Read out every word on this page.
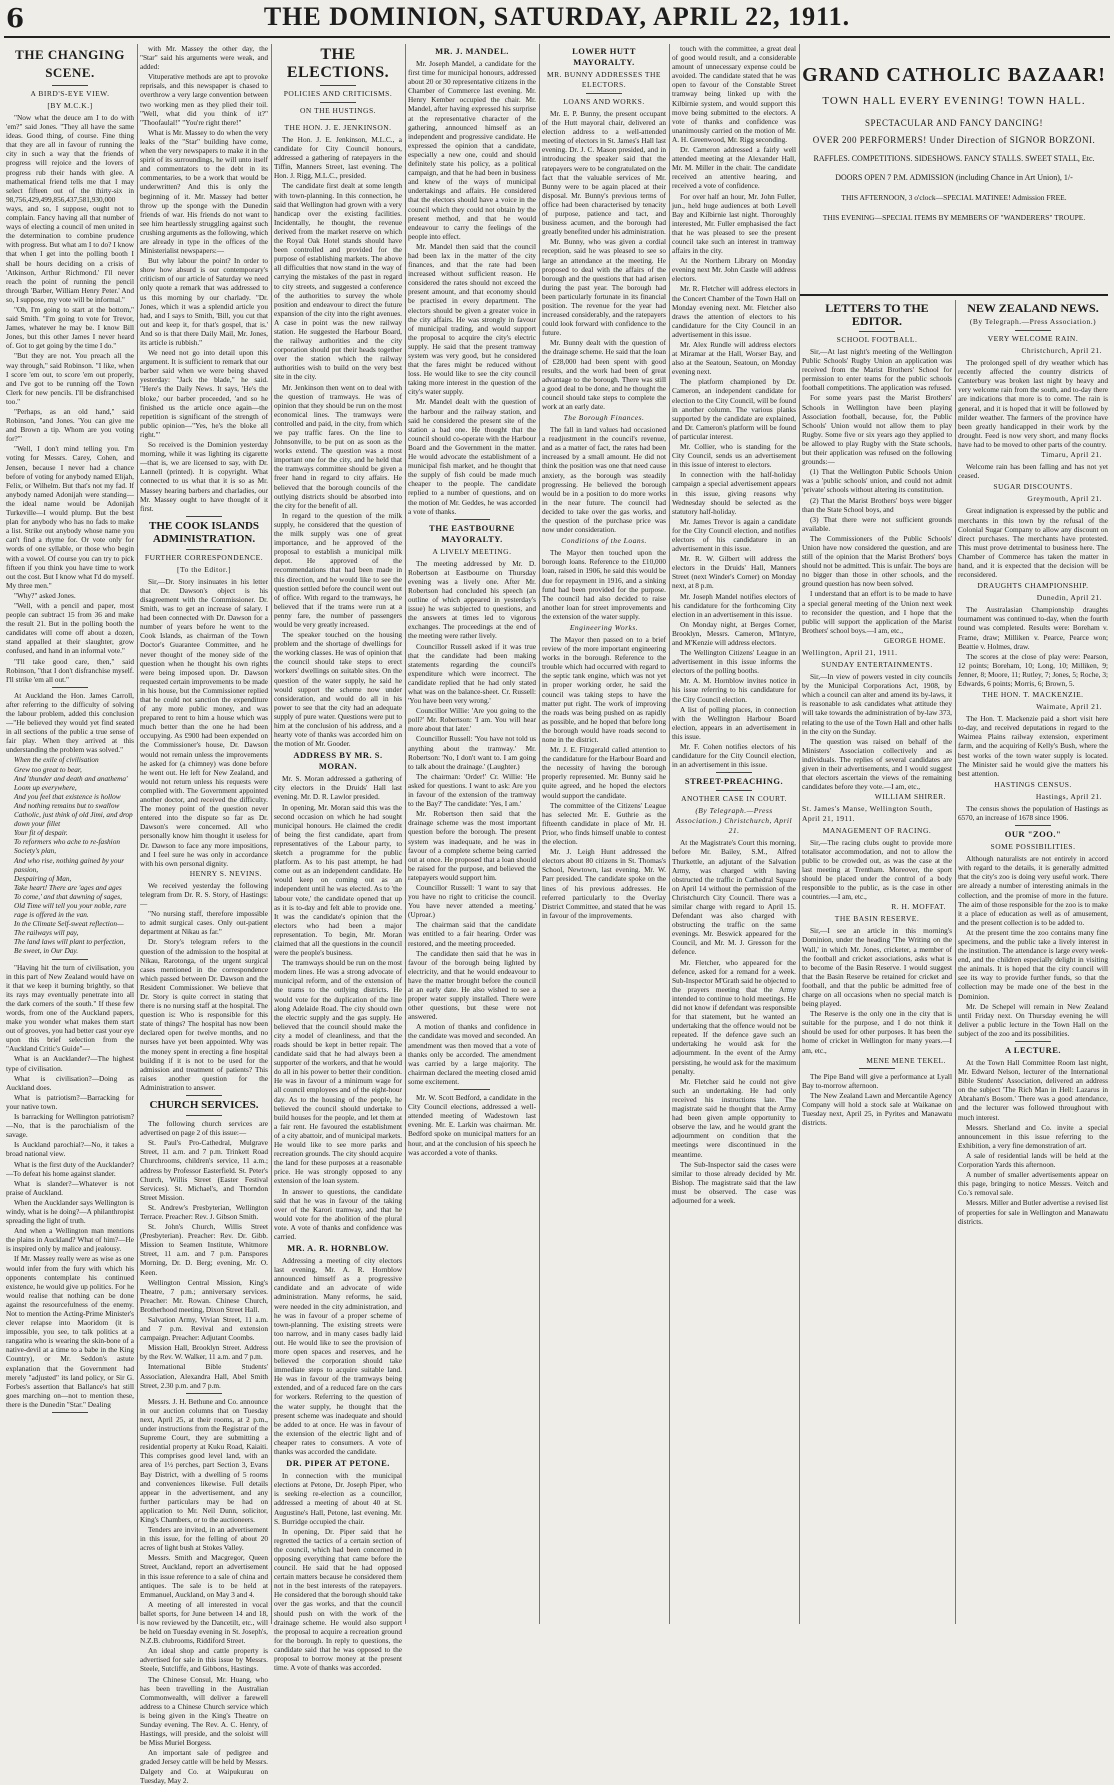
6	THE DOMINION, SATURDAY, APRIL 22, 1911.
THE CHANGING SCENE.
A BIRD'S-EYE VIEW.
[BY M.C.K.]

"Now what the deuce am I to do with 'em?" said Jones. "They all have the same ideas. Good thing, of course. Fine thing that they are all in favour of running the city in such a way that the friends of progress will rejoice and the lovers of progress rub their hands with glee. A mathematical friend tells me that I may select fifteen out of the thirty-six in 98,756,429,499,856,437,581,930,000 ways, and so, I suppose, ought not to complain. Fancy having all that number of ways of electing a council of men united in the determination to combine prudence with progress. But what am I to do? I know that when I get into the polling booth I shall be hours deciding on a crisis of 'Atkinson, Arthur Richmond.' I'll never reach the point of running the pencil through 'Barber, William Henry Peter.' And so, I suppose, my vote will be informal."

"Oh, I'm going to start at the bottom," said Smith. "I'm going to vote for Trevor, James, whatever he may be. I know Bill Jones, but this other James I never heard of. Got to get going by the time I do."

"But they are not. You preach all the way through," said Robinson. "I like, when I score 'em out, to score 'em out properly, and I've got to be running off the Town Clerk for new pencils. I'll be disfranchised too."

"Perhaps, as an old hand," said Robinson, "and Jones. 'You can give me and Brown a tip. Whom are you voting for?'"

"Well, I don't mind telling you. I'm voting for Messrs. Carey, Cohen, and Jensen, because I never had a chance before of voting for anybody named Elijah, Felix, or Wilhelm. But that's not my fad. If anybody named Adonijah were standing—the ideal name would be Adonijah Turkeville—I would plump. But the best plan for anybody who has no fads to make a list. Strike out anybody whose name you can't find a rhyme for. Or vote only for words of one syllable, or those who begin with a vowel. Of course you can try to pick fifteen if you think you have time to work out the cost. But I know what I'd do myself. My three men."

"Why?" asked Jones.

"Well, with a pencil and paper, most people can subtract 15 from 36 and make the result 21. But in the polling booth the candidates will come off about a dozen, stand appalled at their slaughter, grow confused, and hand in an informal vote."

"I'll take good care, then," said Robinson, "that I don't disfranchise myself. I'll strike 'em all out."

At Auckland the Hon. James Carroll, after referring to the difficulty of solving the labour problem, added this conclusion—"He believed they would yet find seated in all sections of the public a true sense of fair play. When they arrived at this understanding the problem was solved."

When the exile of civilisation

Grew too great to bear,

And 'thunder and death and anathema'

Loom up everywhere,

And you feel that existence is hollow

And nothing remains but to swallow

Catholic, just think of old Jimi, and drop

down your fillet

Your fit of despair.

To reformers who ache to re-fashion

Society's plan,

And who rise, nothing gained by your passion,

Despairing of Man,

Take heart! There are 'ages and ages

To come,' and that dawning of sages,

Old Time will tell you your noble, rare

rage is offered in the van.

In the Climate Self-sweat reflection—

The railways will pay,

The land laws will plant to perfection,

Be sweet, in Our Day.

"Having hit the turn of civilisation, you in this part of New Zealand would have on it that we keep it burning brightly, so that its rays may eventually penetrate into all the dark corners of the south." If these few words, from one of the Auckland papers, make you wonder what makes them start out of grooves, you had better cast your eye upon this brief selection from the "Auckland Critic's Guide"—

What is an Aucklander?—The highest type of civilisation.

What is civilisation?—Doing as Auckland does.

What is patriotism?—Barracking for your native town.

Is barracking for Wellington patriotism? —No, that is the parochialism of the savage.

Is Auckland parochial?—No, it takes a broad national view.

What is the first duty of the Aucklander? —To defeat his home against slander.

What is slander?—Whatever is not praise of Auckland.

When the Aucklander says Wellington is windy, what is he doing?—A philanthropist spreading the light of truth.

And when a Wellington man mentions the plains in Auckland? What of him?—He is inspired only by malice and jealousy.

If Mr. Massey really were as wise as one would infer from the fury with which his opponents contemplate his continued existence, he would give up politics. For he would realise that nothing can be done against the resourcefulness of the enemy. Not to mention the Acting-Prime Minister's clever relapse into Maoridom (it is impossible, you see, to talk politics at a rangatira who is wearing the skin-bone of a native-devil at a time to a babe in the King Country), or Mr. Seddon's astute explanation that the Government had merely "adjusted" its land policy, or Sir G. Forbes's assertion that Ballance's hat still goes marching on—not to mention these, there is the Dunedin "Star." Dealing

with Mr. Massey the other day, the "Star" said his arguments were weak, and added:

Vituperative methods are apt to provoke reprisals, and this newspaper is chased to overthrow a very large convention between two working men as they plied their toil. "Well, what did you think of it?" "Thoofaulal!" "You're right there!"

What is Mr. Massey to do when the very leaks of the "Star" building have come, when the very newspapers to make it in the spirit of its surroundings, he will unto itself and commentators to the debt in its commentaries, to be a work that would be underwritten? And this is only the beginning of it. Mr. Massey had better throw up the sponge with the Dunedin friends of war. His friends do not want to see him heartlessly struggling against such crushing arguments as the following, which are already in type in the offices of the Ministerialist newspapers:—

But why labour the point? In order to show how absurd is our contemporary's criticism of our article of Saturday we need only quote a remark that was addressed to us this morning by our charlady. "Dr. Jones, which it was a splendid article you had, and I says to Smith, 'Bill, you cut that out and keep it, for that's gospel, that is.' And so is that there Daily Mail, Mr. Jones, its article is rubbish."

We need not go into detail upon this argument. It is sufficient to remark that our barber said when we were being shaved yesterday: "Jack the blade," he said. "Here's the Daily News. It says, 'He's the bloke,' our barber proceeded, 'and so he finished us the article once again—the repetition is significant of the strength of public opinion—"Yes, he's the bloke all right."'

So received is the Dominion yesterday morning, while it was lighting its cigarette—that is, we are licensed to say, with Dr. Lannell (printed). It is copyright. What connected to us what that it is so as Mr. Massey hearing barbers and charladies, our Mr. Massey ought to have thought of it first.

THE COOK ISLANDS ADMINISTRATION.
FURTHER CORRESPONDENCE.
[To the Editor.]

Sir,—Dr. Story insinuates in his letter that Dr. Dawson's object is his disagreement with the Commissioner. Dr. Smith, was to get an increase of salary. I had been connected with Dr. Dawson for a number of years before he went to the Cook Islands, as chairman of the Town Doctor's Guarantee Committee, and he never thought of the money side of the question when he thought his own rights were being imposed upon. Dr. Dawson requested certain improvements to be made in his house, but the Commissioner replied that he could not sanction the expenditure of any more public money, and was prepared to rent to him a house which was much better than the one he had been occupying. As £900 had been expended on the Commissioner's house, Dr. Dawson would not remain unless the improvements he asked for (a chimney) was done before he went out. He left for New Zealand, and would not return unless his requests were complied with. The Government appointed another doctor, and received the difficulty. The money point of the question never entered into the dispute so far as Dr. Dawson's were concerned. All who personally know him thought it useless for Dr. Dawson to face any more impositions, and I feel sure he was only in accordance with his own personal dignity.

HENRY S. NEVINS.

We received yesterday the following telegram from Dr. R. S. Story, of Hastings:—

"No nursing staff, therefore impossible to admit surgical cases. Only out-patient department at Nikau as far."

Dr. Story's telegram refers to the question of the admission to the hospital at Nikau, Rarotonga, of the urgent surgical cases mentioned in the correspondence which passed between Dr. Dawson and the Resident Commissioner. We believe that Dr. Story is quite correct in stating that there is no nursing staff at the hospital. The question is: Who is responsible for this state of things? The hospital has now been declared open for twelve months, and no nurses have yet been appointed. Why was the money spent in erecting a fine hospital building if it is not to be used for the admission and treatment of patients? This raises another question for the Administration to answer.

CHURCH SERVICES.

The following church services are advertised on page 2 of this issue:—

St. Paul's Pro-Cathedral, Mulgrave Street, 11 a.m. and 7 p.m. Trinkett Road Churchrooms, children's service, 11 a.m.; address by Professor Easterfield. St. Peter's Church, Willis Street (Easter Festival Services). St. Michael's, and Thorndon Street Mission.

St. Andrew's Presbyterian, Wellington Terrace. Preacher: Rev. J. Gibson Smith.

St. John's Church, Willis Street (Presbyterian). Preacher: Rev. Dr. Gibb. Mission to Seamen Institute, Whitmore Street, 11 a.m. and 7 p.m. Panspores Morning, Dr. D. Berg; evening, Mr. O. Keen.

Wellington Central Mission, King's Theatre, 7 p.m.; anniversary services. Preacher: Mr. Rowan. Chinese Church, Brotherhood meeting, Dixon Street Hall.

Salvation Army, Vivian Street, 11 a.m. and 7 p.m. Revival and extension campaign. Preacher: Adjutant Coombs.

Mission Hall, Brooklyn Street. Address by the Rev. W. Walker, 11 a.m. and 7 p.m.

International Bible Students' Association, Alexandra Hall, Abel Smith Street, 2.30 p.m. and 7 p.m.

Messrs. J. H. Bethune and Co. announce in our auction columns that on Tuesday next, April 25, at their rooms, at 2 p.m., under instructions from the Registrar of the Supreme Court, they are submitting a residential property at Kuku Road, Kaiaiti. This comprises good level land, with an area of 1½ perches, part Section 3, Evans Bay District, with a dwelling of 5 rooms and conveniences likewise. Full details appear in the advertisement, and any further particulars may be had on application to Mr. Neil Dunn, solicitor, King's Chambers, or to the auctioneers.

Tenders are invited, in an advertisement in this issue, for the felling of about 20 acres of light bush at Stokes Valley.

Messrs. Smith and Macgregor, Queen Street, Auckland, report an advertisement in this issue reference to a sale of china and antiques. The sale is to be held at Emmanuel, Auckland, on May 3 and 4.

A meeting of all interested in vocal ballet sports, for June between 14 and 18, is now reviewed by the Dancetilt, etc., will be held on Tuesday evening in St. Joseph's, N.Z.B. clubrooms, Riddiford Street.

An ideal shop and cattle property is advertised for sale in this issue by Messrs. Steele, Sutcliffe, and Gibbons, Hastings.

The Chinese Consul, Mr. Huang, who has been travelling in the Australian Commonwealth, will deliver a farewell address to a Chinese Church service which is being given in the King's Theatre on Sunday evening. The Rev. A. C. Henry, of Hastings, will preside, and the soloist will be Miss Muriel Borgess.

An important sale of pedigree and graded Jersey cattle will be held by Messrs. Dalgety and Co. at Waipukurau on Tuesday, May 2.

THE ELECTIONS.
POLICIES AND CRITICISMS.
ON THE HUSTINGS.
THE HON. J. E. JENKINSON.

The Hon. J. E. Jenkinson, M.L.C., a candidate for City Council honours, addressed a gathering of ratepayers in the Tiffin, Manners Street, last evening. The Hon. J. Rigg, M.L.C., presided.

The candidate first dealt at some length with town-planning. In this connection, he said that Wellington had grown with a very handicap over the existing facilities. Incidentally, he thought, the revenue derived from the market reserve on which the Royal Oak Hotel stands should have been controlled and provided for the purpose of establishing markets. The above all difficulties that now stand in the way of carrying the mistakes of the past in regard to city streets, and suggested a conference of the authorities to survey the whole position and endeavour to direct the future expansion of the city into the right avenues. A case in point was the new railway station. He suggested the Harbour Board, the railway authorities and the city corporation should put their heads together over the station which the railway authorities wish to build on the very best site in the city.

Mr. Jenkinson then went on to deal with the question of tramways. He was of opinion that they should be run on the most economical lines. The tramways were controlled and paid, in the city, from which we pay traffic fares. On the line to Johnsonville, to be put on as soon as the works extend. The question was a most important one for the city, and he held that the tramways committee should be given a freer hand in regard to city affairs. He believed that the borough councils of the outlying districts should be absorbed into the city for the benefit of all.

In regard to the question of the milk supply, he considered that the question of the milk supply was one of great importance, and he approved of the proposal to establish a municipal milk depot. He approved of the recommendations that had been made in this direction, and he would like to see the question settled before the council went out of office. With regard to the tramways, he believed that if the trams were run at a penny fare, the number of passengers would be very greatly increased.

The speaker touched on the housing problem and the shortage of dwellings for the working classes. He was of opinion that the council should take steps to erect workers' dwellings on suitable sites. On the question of the water supply, he said he would support the scheme now under consideration, and would do all in his power to see that the city had an adequate supply of pure water. Questions were put to him at the conclusion of his address, and a hearty vote of thanks was accorded him on the motion of Mr. Gooder.

ADDRESS BY MR. S. MORAN.

Mr. S. Moran addressed a gathering of city electors in the Druids' Hall last evening. Mr. D. R. Lawlor presided.

In opening, Mr. Moran said this was the second occasion on which he had sought municipal honours. He claimed the credit of being the first candidate, apart from representatives of the Labour party, to sketch a programme for the public platform. As to his past attempt, he had come out as an independent candidate. He would keep on coming out as an independent until he was elected. As to 'the labour vote,' the candidate opened that up as it is to-day and felt able to provide one. It was the candidate's opinion that the electors who had been a major representation. To begin, Mr. Moran claimed that all the questions in the council were the people's business.

The tramways should be run on the most modern lines. He was a strong advocate of municipal reform, and of the extension of the trams to the outlying districts. He would vote for the duplication of the line along Adelaide Road. The city should own the electric supply and the gas supply. He believed that the council should make the city a model of cleanliness, and that the roads should be kept in better repair. The candidate said that he had always been a supporter of the workers, and that he would do all in his power to better their condition. He was in favour of a minimum wage for all council employees and of the eight-hour day. As to the housing of the people, he believed the council should undertake to build houses for the people, and let them at a fair rent. He favoured the establishment of a city abattoir, and of municipal markets. He would like to see more parks and recreation grounds. The city should acquire the land for these purposes at a reasonable price. He was strongly opposed to any extension of the loan system.

In answer to questions, the candidate said that he was in favour of the taking over of the Karori tramway, and that he would vote for the abolition of the plural vote. A vote of thanks and confidence was carried.

MR. A. R. HORNBLOW.

Addressing a meeting of city electors last evening, Mr. A. R. Hornblow announced himself as a progressive candidate and an advocate of wide administration. Many reforms, he said, were needed in the city administration, and he was in favour of a proper scheme of town-planning. The existing streets were too narrow, and in many cases badly laid out. He would like to see the provision of more open spaces and reserves, and he believed the corporation should take immediate steps to acquire suitable land. He was in favour of the tramways being extended, and of a reduced fare on the cars for workers. Referring to the question of the water supply, he thought that the present scheme was inadequate and should be added to at once. He was in favour of the extension of the electric light and of cheaper rates to consumers. A vote of thanks was accorded the candidate.

DR. PIPER AT PETONE.

In connection with the municipal elections at Petone, Dr. Joseph Piper, who is seeking re-election as a councillor, addressed a meeting of about 40 at St. Augustine's Hall, Petone, last evening. Mr. S. Burridge occupied the chair.

In opening, Dr. Piper said that he regretted the tactics of a certain section of the council, which had been concerned in opposing everything that came before the council. He said that he had opposed certain matters because he considered them not in the best interests of the ratepayers. He considered that the borough should take over the gas works, and that the council should push on with the work of the drainage scheme. He would also support the proposal to acquire a recreation ground for the borough. In reply to questions, the candidate said that he was opposed to the proposal to borrow money at the present time. A vote of thanks was accorded.

MR. J. MANDEL.

Mr. Joseph Mandel, a candidate for the first time for municipal honours, addressed about 20 or 30 representative citizens in the Chamber of Commerce last evening. Mr. Henry Kember occupied the chair. Mr. Mandel, after having expressed his surprise at the representative character of the gathering, announced himself as an independent and progressive candidate. He expressed the opinion that a candidate, especially a new one, could and should definitely state his policy, as a political campaign, and that he had been in business and knew of the ways of municipal undertakings and affairs. He considered that the electors should have a voice in the council which they could not obtain by the present method, and that he would endeavour to carry the feelings of the people into effect.

Mr. Mandel then said that the council had been lax in the matter of the city finances, and that the rate had been increased without sufficient reason. He considered the rates should not exceed the present amount, and that economy should be practised in every department. The electors should be given a greater voice in the city affairs. He was strongly in favour of municipal trading, and would support the proposal to acquire the city's electric supply. He said that the present tramway system was very good, but he considered that the fares might be reduced without loss. He would like to see the city council taking more interest in the question of the city's water supply.

Mr. Mandel dealt with the question of the harbour and the railway station, and said he considered the present site of the station a bad one. He thought that the council should co-operate with the Harbour Board and the Government in the matter. He would advocate the establishment of a municipal fish market, and he thought that the supply of fish could be made much cheaper to the people. The candidate replied to a number of questions, and on the motion of Mr. Geddes, he was accorded a vote of thanks.

THE EASTBOURNE MAYORALTY.
A LIVELY MEETING.

The meeting addressed by Mr. D. Robertson at Eastbourne on Thursday evening was a lively one. After Mr. Robertson had concluded his speech (an outline of which appeared in yesterday's issue) he was subjected to questions, and the answers at times led to vigorous exchanges. The proceedings at the end of the meeting were rather lively.

Councillor Russell asked if it was true that the candidate had been making statements regarding the council's expenditure which were incorrect. The candidate replied that he had only stated what was on the balance-sheet. Cr. Russell: 'You have been very wrong.'

Councillor Willie: 'Are you going to the poll?' Mr. Robertson: 'I am. You will hear more about that later.'

Councillor Russell: 'You have not told us anything about the tramway.' Mr. Robertson: 'No, I don't want to. I am going to talk about the drainage.' (Laughter.)

The chairman: 'Order!' Cr. Willie: 'He asked for questions. I want to ask: Are you in favour of the extension of the tramway to the Bay?' The candidate: 'Yes, I am.'

Mr. Robertson then said that the drainage scheme was the most important question before the borough. The present system was inadequate, and he was in favour of a complete scheme being carried out at once. He proposed that a loan should be raised for the purpose, and believed the ratepayers would support him.

Councillor Russell: 'I want to say that you have no right to criticise the council. You have never attended a meeting.' (Uproar.)

The chairman said that the candidate was entitled to a fair hearing. Order was restored, and the meeting proceeded.

The candidate then said that he was in favour of the borough being lighted by electricity, and that he would endeavour to have the matter brought before the council at an early date. He also wished to see a proper water supply installed. There were other questions, but these were not answered.

A motion of thanks and confidence in the candidate was moved and seconded. An amendment was then moved that a vote of thanks only be accorded. The amendment was carried by a large majority. The chairman declared the meeting closed amid some excitement.

Mr. W. Scott Bedford, a candidate in the City Council elections, addressed a well-attended meeting of Wadestown last evening. Mr. E. Larkin was chairman. Mr. Bedford spoke on municipal matters for an hour, and at the conclusion of his speech he was accorded a vote of thanks.

LOWER HUTT MAYORALTY.
MR. BUNNY ADDRESSES THE ELECTORS.
LOANS AND WORKS.

Mr. E. P. Bunny, the present occupant of the Hutt mayoral chair, delivered an election address to a well-attended meeting of electors in St. James's Hall last evening. Dr. J. C. Mason presided, and in introducing the speaker said that the ratepayers were to be congratulated on the fact that the valuable services of Mr. Bunny were to be again placed at their disposal. Mr. Bunny's previous terms of office had been characterised by tenacity of purpose, patience and tact, and business acumen, and the borough had greatly benefited under his administration.

Mr. Bunny, who was given a cordial reception, said he was pleased to see so large an attendance at the meeting. He proposed to deal with the affairs of the borough and the questions that had arisen during the past year. The borough had been particularly fortunate in its financial position. The revenue for the year had increased considerably, and the ratepayers could look forward with confidence to the future.

Mr. Bunny dealt with the question of the drainage scheme. He said that the loan of £28,000 had been spent with good results, and the work had been of great advantage to the borough. There was still a good deal to be done, and he thought the council should take steps to complete the work at an early date.

The Borough Finances.

The fall in land values had occasioned a readjustment in the council's revenue, and as a matter of fact, the rates had been increased by a small amount. He did not think the position was one that need cause anxiety, as the borough was steadily progressing. He believed the borough would be in a position to do more works in the near future. The council had decided to take over the gas works, and the question of the purchase price was now under consideration.

Conditions of the Loans.

The Mayor then touched upon the borough loans. Reference to the £10,000 loan, raised in 1906, he said this would be due for repayment in 1916, and a sinking fund had been provided for the purpose. The council had also decided to raise another loan for street improvements and the extension of the water supply.

Engineering Works.

The Mayor then passed on to a brief review of the more important engineering works in the borough. Reference to the trouble which had occurred with regard to the septic tank engine, which was not yet in proper working order, he said the council was taking steps to have the matter put right. The work of improving the roads was being pushed on as rapidly as possible, and he hoped that before long the borough would have roads second to none in the district.

Mr. J. E. Fitzgerald called attention to the candidature for the Harbour Board and the necessity of having the borough properly represented. Mr. Bunny said he quite agreed, and he hoped the electors would support the candidate.

The committee of the Citizens' League has selected Mr. E. Guthrie as the fifteenth candidate in place of Mr. H. Prior, who finds himself unable to contest the election.

Mr. J. Leigh Hunt addressed the electors about 80 citizens in St. Thomas's School, Newtown, last evening. Mr. W. Parr presided. The candidate spoke on the lines of his previous addresses. He referred particularly to the Overlay District Committee, and stated that he was in favour of the improvements.

touch with the committee, a great deal of good would result, and a considerable amount of unnecessary expense could be avoided. The candidate stated that he was open to favour of the Constable Street tramway being linked up with the Kilbirnie system, and would support this move being submitted to the electors. A vote of thanks and confidence was unanimously carried on the motion of Mr. A. H. Greenwood, Mr. Rigg seconding.

Dr. Cameron addressed a fairly well attended meeting at the Alexander Hall, Mr. M. Miller in the chair. The candidate received an attentive hearing, and received a vote of confidence.

For over half an hour, Mr. John Fuller, jun., held huge audiences at both Levell Bay and Kilbirnie last night. Thoroughly interested, Mr. Fuller emphasised the fact that he was pleased to see the present council take such an interest in tramway affairs in the city.

At the Northern Library on Monday evening next Mr. John Castle will address electors.

Mr. R. Fletcher will address electors in the Concert Chamber of the Town Hall on Monday evening next. Mr. Fletcher also draws the attention of electors to his candidature for the City Council in an advertisement in this issue.

Mr. Alex Rundle will address electors at Miramar at the Hall, Worser Bay, and also at the Seatoun, Seatoun, on Monday evening next.

The platform championed by Dr. Cameron, an independent candidate for election to the City Council, will be found in another column. The various planks supported by the candidate are explained, and Dr. Cameron's platform will be found of particular interest.

Mr. Collier, who is standing for the City Council, sends us an advertisement in this issue of interest to electors.

In connection with the half-holiday campaign a special advertisement appears in this issue, giving reasons why Wednesday should be selected as the statutory half-holiday.

Mr. James Trevor is again a candidate for the City Council election, and notifies electors of his candidature in an advertisement in this issue.

Mr. R. W. Gilbert will address the electors in the Druids' Hall, Manners Street (next Winder's Corner) on Monday next, at 8 p.m.

Mr. Joseph Mandel notifies electors of his candidature for the forthcoming City election in an advertisement in this issue.

On Monday night, at Berges Corner, Brooklyn, Messrs. Cameron, M'Intyre, and M'Kenzie will address electors.

The Wellington Citizens' League in an advertisement in this issue informs the electors of the polling booths.

Mr. A. M. Hornblow invites notice in his issue referring to his candidature for the City Council election.

A list of polling places, in connection with the Wellington Harbour Board election, appears in an advertisement in this issue.

Mr. F. Cohen notifies electors of his candidature for the City Council election, in an advertisement in this issue.

STREET-PREACHING.
ANOTHER CASE IN COURT.
(By Telegraph.—Press Association.) Christchurch, April 21.

At the Magistrate's Court this morning, before Mr. Bailey, S.M., Alfred Thurkettle, an adjutant of the Salvation Army, was charged with having obstructed the traffic in Cathedral Square on April 14 without the permission of the Christchurch City Council. There was a similar charge with regard to April 15. Defendant was also charged with obstructing the traffic on the same evenings. Mr. Beswick appeared for the Council, and Mr. M. J. Gresson for the defence.

Mr. Fletcher, who appeared for the defence, asked for a remand for a week. Sub-Inspector M'Grath said he objected to the prayers meeting that the Army intended to continue to hold meetings. He did not know if defendant was responsible for that statement, but he wanted an undertaking that the offence would not be repeated. If the defence gave such an undertaking he would ask for the adjournment. In the event of the Army persisting, he would ask for the maximum penalty.

Mr. Fletcher said he could not give such an undertaking. He had only received his instructions late. The magistrate said he thought that the Army had been given ample opportunity to observe the law, and he would grant the adjournment on condition that the meetings were discontinued in the meantime.

The Sub-Inspector said the cases were similar to those already decided by Mr. Bishop. The magistrate said that the law must be observed. The case was adjourned for a week.

GRAND CATHOLIC BAZAAR!
TOWN HALL EVERY EVENING! TOWN HALL.
SPECTACULAR AND FANCY DANCING!
OVER 200 PERFORMERS! Under Direction of SIGNOR BORZONI.
RAFFLES. COMPETITIONS. SIDESHOWS. FANCY STALLS. SWEET STALL, Etc.
DOORS OPEN 7 P.M. ADMISSION (including Chance in Art Union), 1/-
THIS AFTERNOON, 3 o'clock—SPECIAL MATINEE! Admission FREE.
THIS EVENING—SPECIAL ITEMS BY MEMBERS OF "WANDERERS" TROUPE.
LETTERS TO THE EDITOR.
SCHOOL FOOTBALL.

Sir,—At last night's meeting of the Wellington Public Schools' Rugby Union an application was received from the Marist Brothers' School for permission to enter teams for the public schools football competitions. The application was refused.

For some years past the Marist Brothers' Schools in Wellington have been playing Association football, because, for, the Public Schools' Union would not allow them to play Rugby. Some five or six years ago they applied to be allowed to play Rugby with the State schools, but their application was refused on the following grounds:—

(1) That the Wellington Public Schools Union was a 'public schools' union, and could not admit 'private' schools without altering its constitution.

(2) That the Marist Brothers' boys were bigger than the State School boys, and

(3) That there were not sufficient grounds available.

The Commissioners of the Public Schools' Union have now considered the question, and are still of the opinion that the Marist Brothers' boys should not be admitted. This is unfair. The boys are no bigger than those in other schools, and the ground question has now been solved.

I understand that an effort is to be made to have a special general meeting of the Union next week to reconsider the question, and I hope that the public will support the application of the Marist Brothers' school boys.—I am, etc.,

GEORGE HOME.
Wellington, April 21, 1911.
SUNDAY ENTERTAINMENTS.

Sir,—In view of powers vested in city councils by the Municipal Corporations Act, 1908, by which a council can alter and amend its by-laws, it is reasonable to ask candidates what attitude they will take towards the administration of by-law 373, relating to the use of the Town Hall and other halls in the city on the Sunday.

The question was raised on behalf of the Ministers' Association collectively and as individuals. The replies of several candidates are given in their advertisements, and I would suggest that electors ascertain the views of the remaining candidates before they vote.—I am, etc.,

WILLIAM SHIRER.
St. James's Manse, Wellington South, April 21, 1911.
MANAGEMENT OF RACING.

Sir,—The racing clubs ought to provide more totalisator accommodation, and not to allow the public to be crowded out, as was the case at the last meeting at Trentham. Moreover, the sport should be placed under the control of a body responsible to the public, as is the case in other countries.—I am, etc.,

R. H. MOFFAT.
THE BASIN RESERVE.

Sir,—I see an article in this morning's Dominion, under the heading 'The Writing on the Wall,' in which Mr. Jones, cricketer, a member of the football and cricket associations, asks what is to become of the Basin Reserve. I would suggest that the Basin Reserve be retained for cricket and football, and that the public be admitted free of charge on all occasions when no special match is being played.

The Reserve is the only one in the city that is suitable for the purpose, and I do not think it should be used for other purposes. It has been the home of cricket in Wellington for many years.—I am, etc.,

MENE MENE TEKEL.

The Pipe Band will give a performance at Lyall Bay to-morrow afternoon.

The New Zealand Lawn and Mercantile Agency Company will hold a stock sale at Waikanae on Tuesday next, April 25, in Pyrites and Manawatu districts.

NEW ZEALAND NEWS.
(By Telegraph.—Press Association.)
VERY WELCOME RAIN.
Christchurch, April 21.

The prolonged spell of dry weather which has recently affected the country districts of Canterbury was broken last night by heavy and very welcome rain from the south, and to-day there are indications that more is to come. The rain is general, and it is hoped that it will be followed by milder weather. The farmers of the province have been greatly handicapped in their work by the drought. Feed is now very short, and many flocks have had to be moved to other parts of the country.

Timaru, April 21.

Welcome rain has been falling and has not yet ceased.

SUGAR DISCOUNTS.
Greymouth, April 21.

Great indignation is expressed by the public and merchants in this town by the refusal of the Colonial Sugar Company to allow any discount on direct purchases. The merchants have protested. This must prove detrimental to business here. The Chamber of Commerce has taken the matter in hand, and it is expected that the decision will be reconsidered.

DRAUGHTS CHAMPIONSHIP.
Dunedin, April 21.

The Australasian Championship draughts tournament was continued to-day, when the fourth round was completed. Results were: Boreham v. Frame, draw; Milliken v. Pearce, Pearce won; Beattie v. Holmes, draw.

The scores at the close of play were: Pearson, 12 points; Boreham, 10; Long, 10; Milliken, 9; Jenner, 8; Moore, 11; Rutley, 7; Jones, 5; Roche, 3; Edwards, 6 points; Morris, 6; Brown, 5.

THE HON. T. MACKENZIE.
Waimate, April 21.

The Hon. T. Mackenzie paid a short visit here to-day, and received deputations in regard to the Waimea Plains railway extension, experiment farm, and the acquiring of Kelly's Bush, where the best works of the town water supply is located. The Minister said he would give the matters his best attention.

HASTINGS CENSUS.
Hastings, April 21.

The census shows the population of Hastings as 6570, an increase of 1678 since 1906.

OUR "ZOO."
SOME POSSIBILITIES.

Although naturalists are not entirely in accord with regard to the details, it is generally admitted that the city's zoo is doing very useful work. There are already a number of interesting animals in the collection, and the promise of more in the future. The aim of those responsible for the zoo is to make it a place of education as well as of amusement, and the present collection is to be added to.

At the present time the zoo contains many fine specimens, and the public take a lively interest in the institution. The attendance is large every week-end, and the children especially delight in visiting the animals. It is hoped that the city council will see its way to provide further funds, so that the collection may be made one of the best in the Dominion.

Mr. De Schepel will remain in New Zealand until Friday next. On Thursday evening he will deliver a public lecture in the Town Hall on the subject of the zoo and its possibilities.

A LECTURE.

At the Town Hall Committee Room last night, Mr. Edward Nelson, lecturer of the International Bible Students' Association, delivered an address on the subject 'The Rich Man in Hell: Lazarus in Abraham's Bosom.' There was a good attendance, and the lecturer was followed throughout with much interest.

Messrs. Sherland and Co. invite a special announcement in this issue referring to the Exhibition, a very fine demonstration of art.

A sale of residential lands will be held at the Corporation Yards this afternoon.

A number of smaller advertisements appear on this page, bringing to notice Messrs. Veitch and Co.'s removal sale.

Messrs. Miller and Butler advertise a revised list of properties for sale in Wellington and Manawatu districts.
